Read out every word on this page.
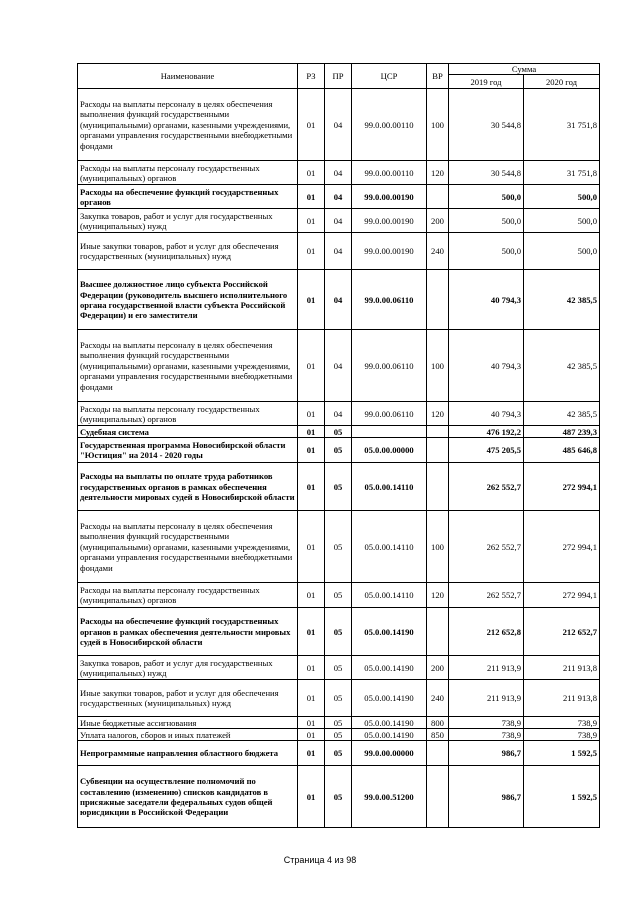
Наименование	РЗ	ПР	ЦСР	ВР	Сумма	
					2019 год	2020 год
Расходы на выплаты персоналу в целях обеспечения выполнения функций государственными (муниципальными) органами, казенными учреждениями, органами управления государственными внебюджетными фондами	01	04	99.0.00.00110	100	30 544,8	31 751,8
Расходы на выплаты персоналу государственных (муниципальных) органов	01	04	99.0.00.00110	120	30 544,8	31 751,8
Расходы на обеспечение функций государственных органов	01	04	99.0.00.00190		500,0	500,0
Закупка товаров, работ и услуг для государственных (муниципальных) нужд	01	04	99.0.00.00190	200	500,0	500,0
Иные закупки товаров, работ и услуг для обеспечения государственных (муниципальных) нужд	01	04	99.0.00.00190	240	500,0	500,0
Высшее должностное лицо субъекта Российской Федерации (руководитель высшего исполнительного органа государственной власти субъекта Российской Федерации) и его заместители	01	04	99.0.00.06110		40 794,3	42 385,5
Расходы на выплаты персоналу в целях обеспечения выполнения функций государственными (муниципальными) органами, казенными учреждениями, органами управления государственными внебюджетными фондами	01	04	99.0.00.06110	100	40 794,3	42 385,5
Расходы на выплаты персоналу государственных (муниципальных) органов	01	04	99.0.00.06110	120	40 794,3	42 385,5
Судебная система	01	05			476 192,2	487 239,3
Государственная программа Новосибирской области "Юстиция" на 2014 - 2020 годы	01	05	05.0.00.00000		475 205,5	485 646,8
Расходы на выплаты по оплате труда работников государственных органов в рамках обеспечения деятельности мировых судей в Новосибирской области	01	05	05.0.00.14110		262 552,7	272 994,1
Расходы на выплаты персоналу в целях обеспечения выполнения функций государственными (муниципальными) органами, казенными учреждениями, органами управления государственными внебюджетными фондами	01	05	05.0.00.14110	100	262 552,7	272 994,1
Расходы на выплаты персоналу государственных (муниципальных) органов	01	05	05.0.00.14110	120	262 552,7	272 994,1
Расходы на обеспечение функций государственных органов в рамках обеспечения деятельности мировых судей в Новосибирской области	01	05	05.0.00.14190		212 652,8	212 652,7
Закупка товаров, работ и услуг для государственных (муниципальных) нужд	01	05	05.0.00.14190	200	211 913,9	211 913,8
Иные закупки товаров, работ и услуг для обеспечения государственных (муниципальных) нужд	01	05	05.0.00.14190	240	211 913,9	211 913,8
Иные бюджетные ассигнования	01	05	05.0.00.14190	800	738,9	738,9
Уплата налогов, сборов и иных платежей	01	05	05.0.00.14190	850	738,9	738,9
Непрограммные направления областного бюджета	01	05	99.0.00.00000		986,7	1 592,5
Субвенции на осуществление полномочий по составлению (изменению) списков кандидатов в присяжные заседатели федеральных судов общей юрисдикции в Российской Федерации	01	05	99.0.00.51200		986,7	1 592,5
Страница 4 из 98
